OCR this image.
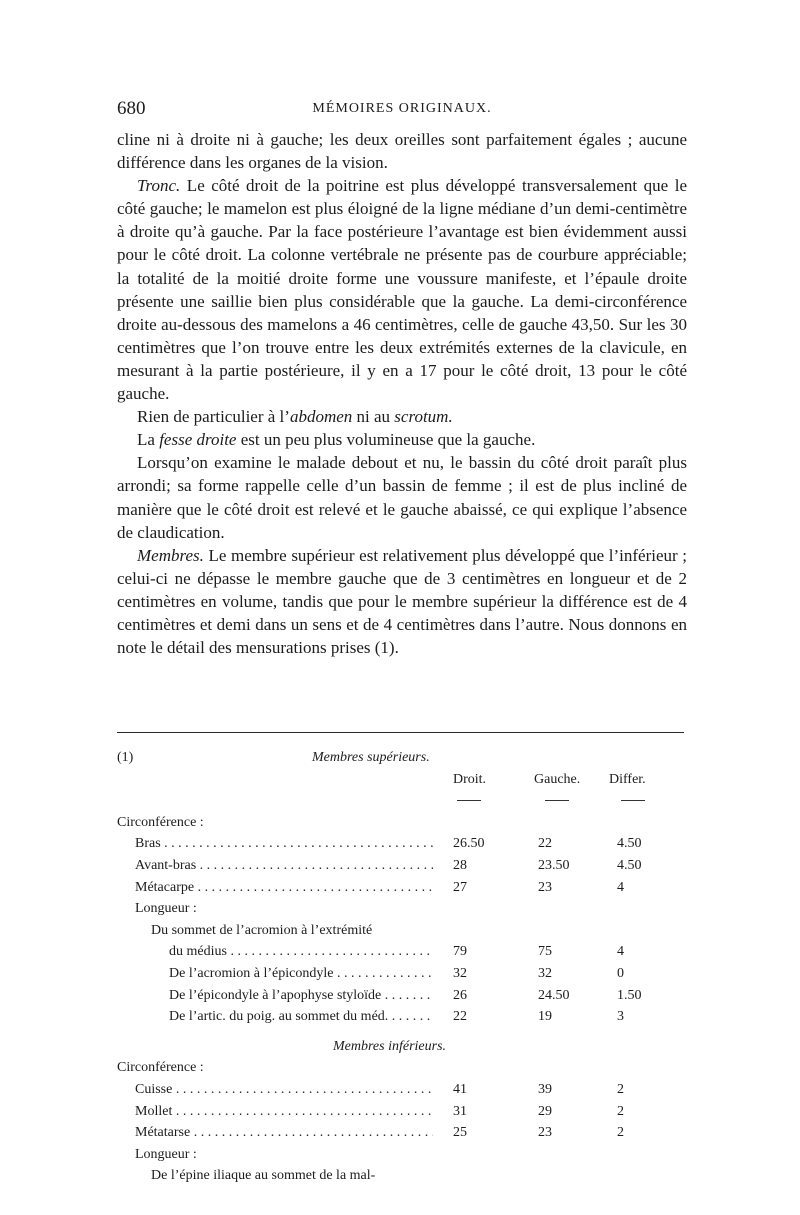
680	MÉMOIRES ORIGINAUX.

cline ni à droite ni à gauche; les deux oreilles sont parfaitement égales ; aucune différence dans les organes de la vision.

Tronc. Le côté droit de la poitrine est plus développé transversalement que le côté gauche; le mamelon est plus éloigné de la ligne médiane d’un demi-centimètre à droite qu’à gauche. Par la face postérieure l’avantage est bien évidemment aussi pour le côté droit. La colonne vertébrale ne présente pas de courbure appréciable; la totalité de la moitié droite forme une voussure manifeste, et l’épaule droite présente une saillie bien plus considérable que la gauche. La demi-circonférence droite au-dessous des mamelons a 46 centimètres, celle de gauche 43,50. Sur les 30 centimètres que l’on trouve entre les deux extrémités externes de la clavicule, en mesurant à la partie postérieure, il y en a 17 pour le côté droit, 13 pour le côté gauche.

Rien de particulier à l’abdomen ni au scrotum.

La fesse droite est un peu plus volumineuse que la gauche.

Lorsqu’on examine le malade debout et nu, le bassin du côté droit paraît plus arrondi; sa forme rappelle celle d’un bassin de femme ; il est de plus incliné de manière que le côté droit est relevé et le gauche abaissé, ce qui explique l’absence de claudication.

Membres. Le membre supérieur est relativement plus développé que l’inférieur ; celui-ci ne dépasse le membre gauche que de 3 centimètres en longueur et de 2 centimètres en volume, tandis que pour le membre supérieur la différence est de 4 centimètres et demi dans un sens et de 4 centimètres dans l’autre. Nous donnons en note le détail des mensurations prises (1).

(1)	Membres supérieurs.
Droit.	Gauche. Differ.
Circonférence :
Bras . . .	26.50	22	4.50
Avant-bras . . .	28	23.50	4.50
Métacarpe . . .	27	23	4
Longueur :
Du sommet de l’acromion à l’extrémité
du médius . . .	79	75	4
De l’acromion à l’épicondyle . . .	32	32	0
De l’épicondyle à l’apophyse styloïde . . .	26	24.50	1.50
De l’artic. du poig. au sommet du méd. . . .	22	19	3
Membres inférieurs.
Circonférence :
Cuisse . . .	41	39	2
Mollet . . .	31	29	2
Métatarse . . .	25	23	2
Longueur :
De l’épine iliaque au sommet de la mal-
